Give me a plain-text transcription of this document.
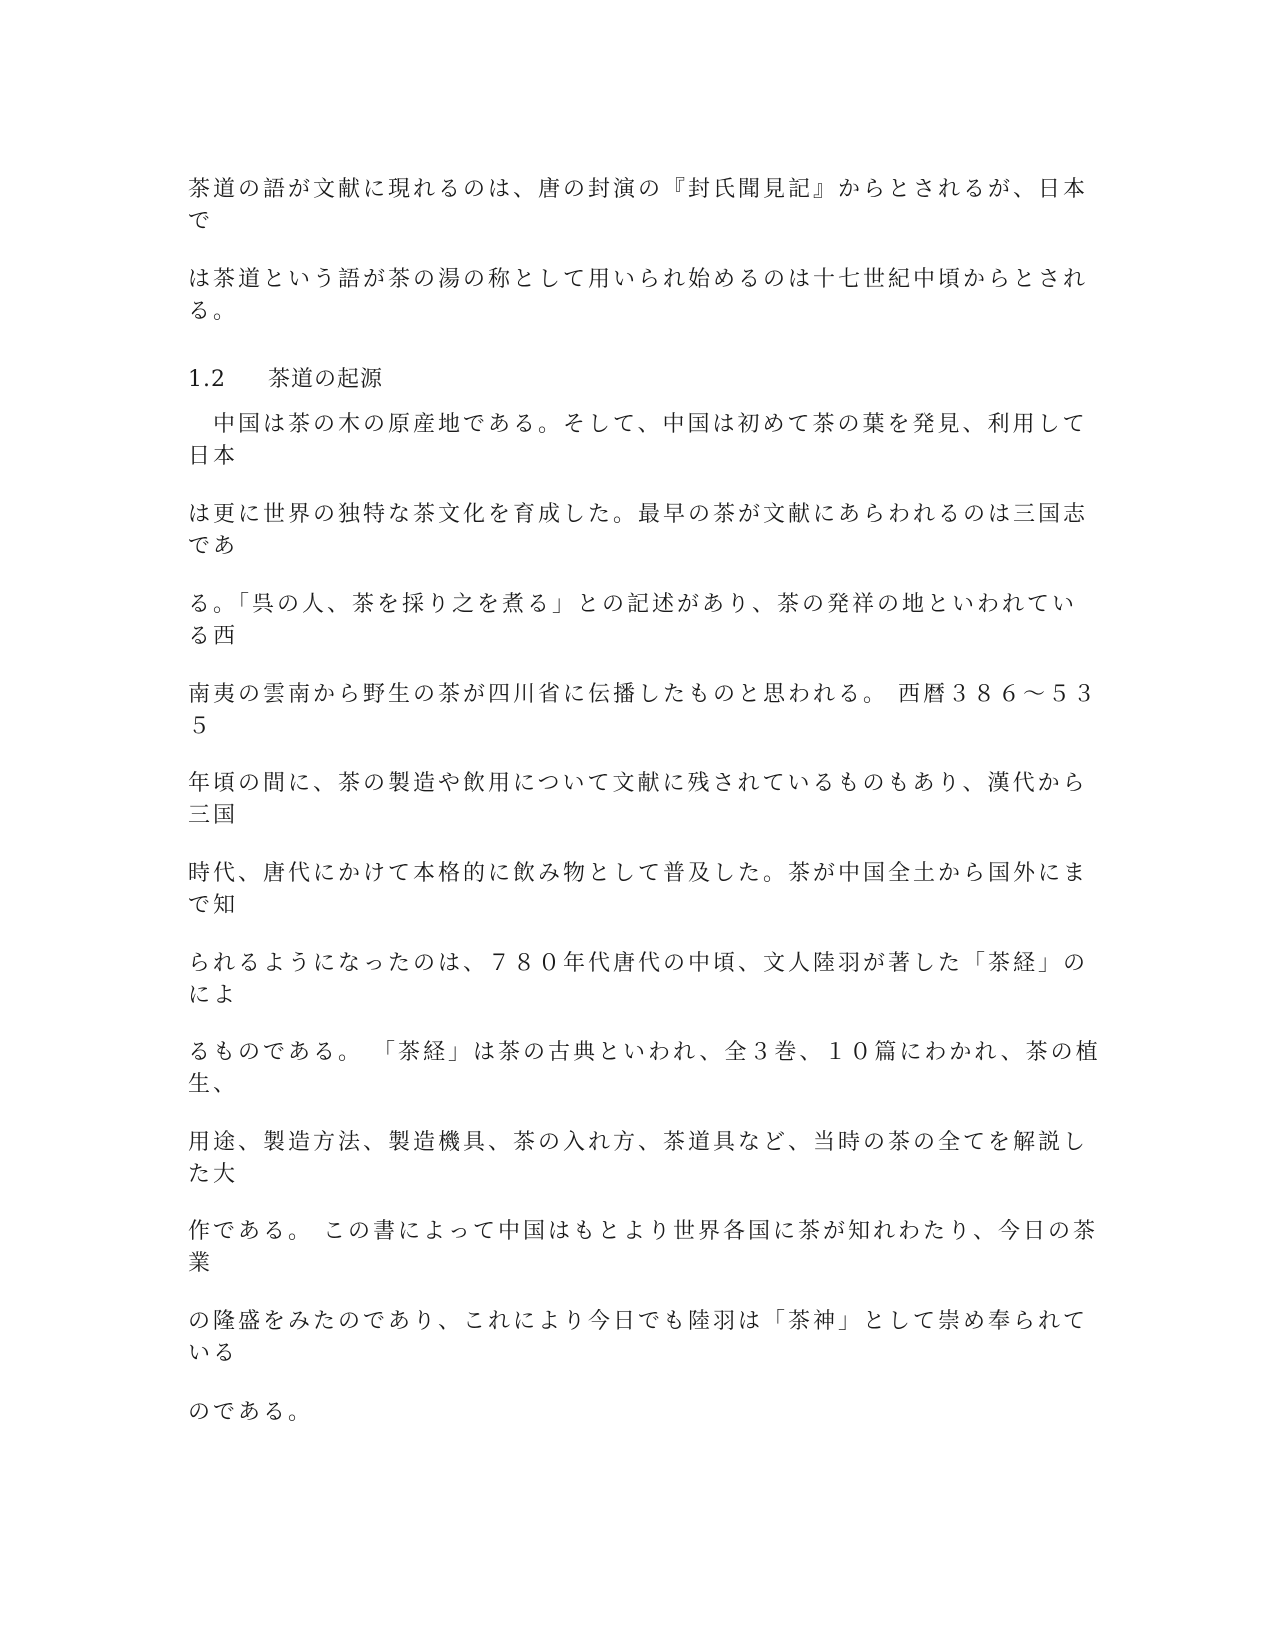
茶道の語が文献に現れるのは、唐の封演の『封氏聞見記』からとされるが、日本
で

は茶道という語が茶の湯の称として用いられ始めるのは十七世紀中頃からとされ
る。

1.2 茶道の起源

　中国は茶の木の原産地である。そして、中国は初めて茶の葉を発見、利用して
日本

は更に世界の独特な茶文化を育成した。最早の茶が文献にあらわれるのは三国志
であ

る。「呉の人、茶を採り之を煮る」との記述があり、茶の発祥の地といわれてい
る西

南夷の雲南から野生の茶が四川省に伝播したものと思われる。 西暦３８６～５３
５

年頃の間に、茶の製造や飲用について文献に残されているものもあり、漢代から
三国

時代、唐代にかけて本格的に飲み物として普及した。茶が中国全土から国外にま
で知

られるようになったのは、７８０年代唐代の中頃、文人陸羽が著した「茶経」の
によ

るものである。 「茶経」は茶の古典といわれ、全３巻、１０篇にわかれ、茶の植
生、

用途、製造方法、製造機具、茶の入れ方、茶道具など、当時の茶の全てを解説し
た大

作である。 この書によって中国はもとより世界各国に茶が知れわたり、今日の茶
業

の隆盛をみたのであり、これにより今日でも陸羽は「茶神」として崇め奉られて
いる

のである。
